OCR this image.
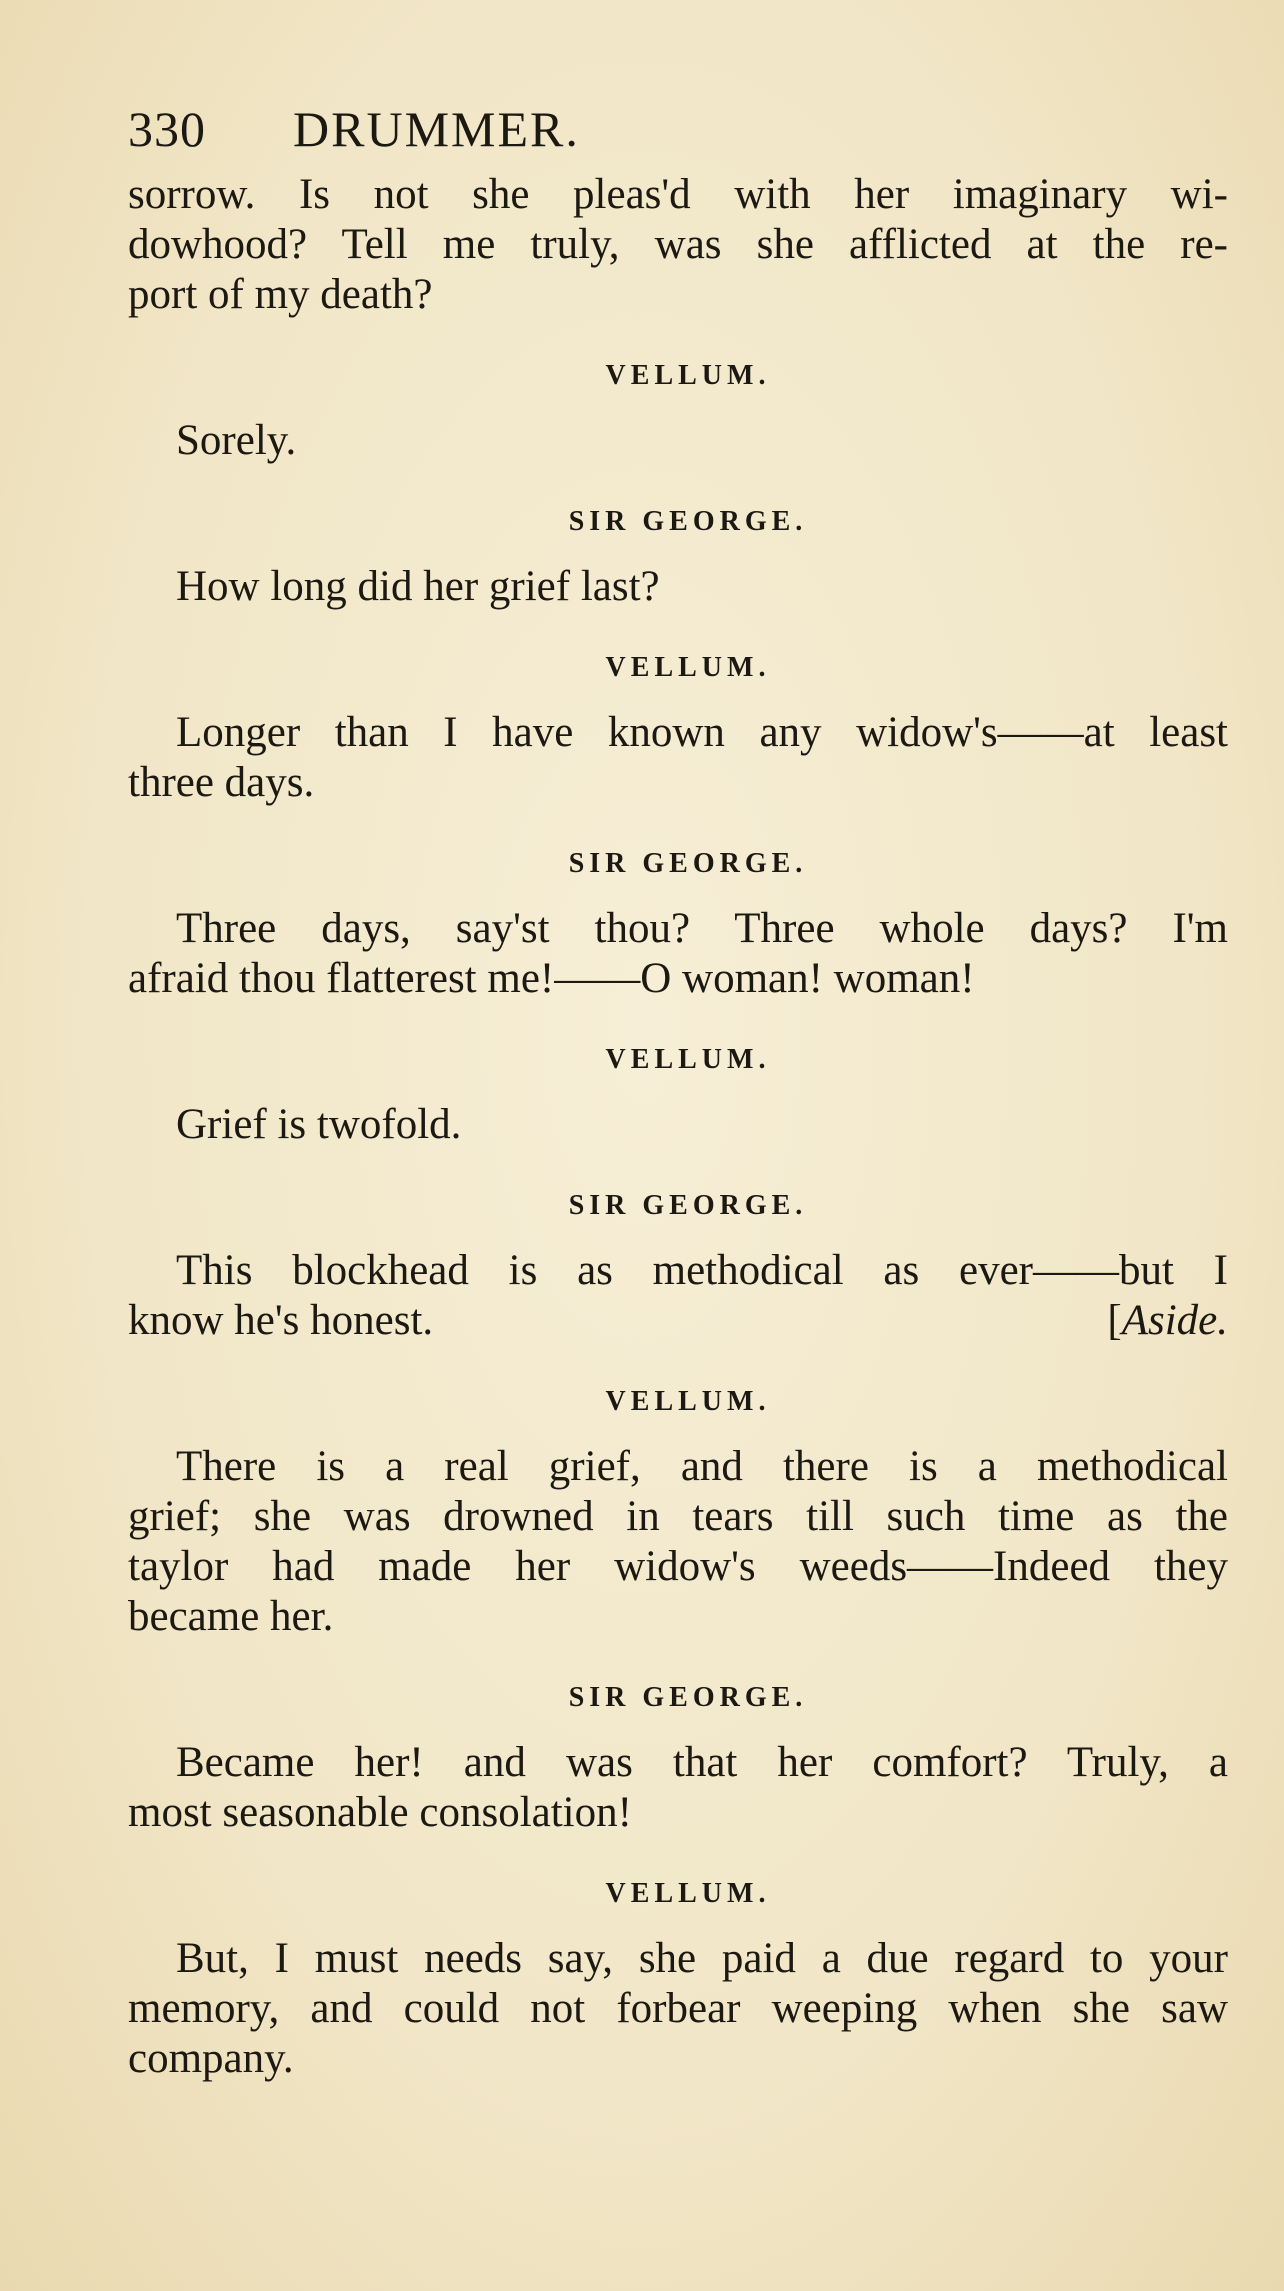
330	DRUMMER.
sorrow. Is not she pleas'd with her imaginary wi-
dowhood? Tell me truly, was she afflicted at the re-
port of my death?
VELLUM.
Sorely.
SIR GEORGE.
How long did her grief last?
VELLUM.
Longer than I have known any widow's——at least
three days.
SIR GEORGE.
Three days, say'st thou? Three whole days? I'm
afraid thou flatterest me!——O woman! woman!
VELLUM.
Grief is twofold.
SIR GEORGE.
This blockhead is as methodical as ever——but I
know he's honest.	[Aside.
VELLUM.
There is a real grief, and there is a methodical
grief; she was drowned in tears till such time as the
taylor had made her widow's weeds——Indeed they
became her.
SIR GEORGE.
Became her! and was that her comfort? Truly, a
most seasonable consolation!
VELLUM.
But, I must needs say, she paid a due regard to your
memory, and could not forbear weeping when she saw
company.
